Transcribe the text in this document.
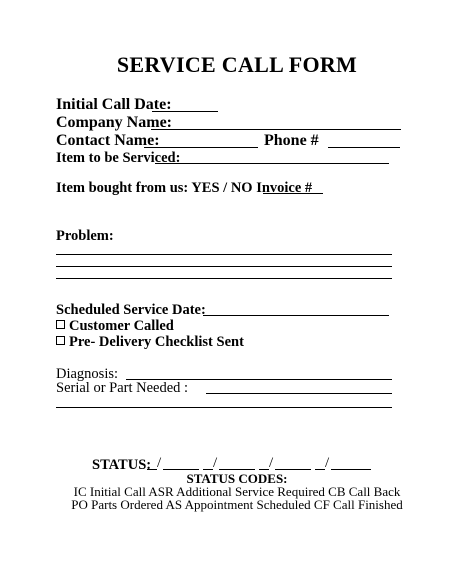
SERVICE CALL FORM
Initial Call Date:
Company Name:
Contact Name:	Phone #
Item to be Serviced:
Item bought from us: YES / NO Invoice #
Problem:
Scheduled Service Date:
Customer Called
Pre- Delivery Checklist Sent
Diagnosis:
Serial or Part Needed :
STATUS: /	/	/	/
STATUS CODES:
IC Initial Call ASR Additional Service Required CB Call Back
PO Parts Ordered AS Appointment Scheduled CF Call Finished
